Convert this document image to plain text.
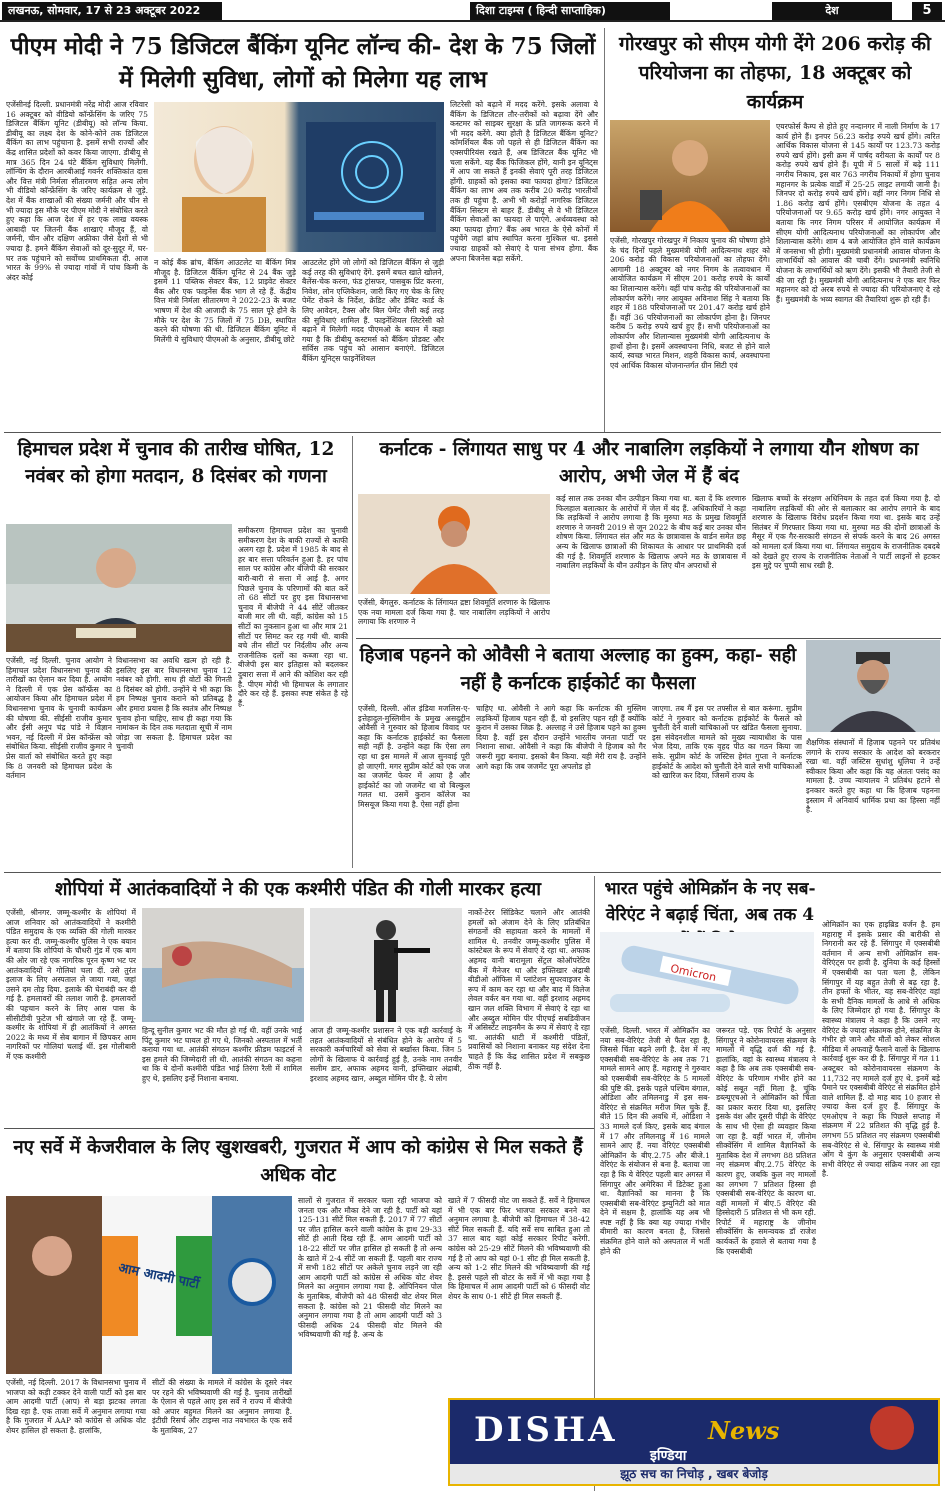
लखनऊ, सोमवार, 17 से 23 अक्टूबर 2022	दिशा टाइम्स ( हिन्दी साप्ताहिक)	देश	5
पीएम मोदी ने 75 डिजिटल बैंकिंग यूनिट लॉन्च की- देश के 75 जिलों में मिलेगी सुविधा, लोगों को मिलेगा यह लाभ
एजेंसीनई दिल्ली. प्रधानमंत्री नरेंद्र मोदी आज रविवार 16 अक्टूबर को वीडियो कॉन्फ्रेंसिंग के जरिए 75 डिजिटल बैंकिंग यूनिट (डीबीयू) को लॉन्च किया. डीबीयू का लक्ष्य देश के कोने-कोने तक डिजिटल बैंकिंग का लाभ पहुंचाना है. इसमें सभी राज्यों और केंद्र शासित प्रदेशों को कवर किया जाएगा. डीबीयू से मात्र 365 दिन 24 घंटे बैंकिंग सुविधाएं मिलेंगी. लॉन्चिंग के दौरान आरबीआई गवर्नर शक्तिकांत दास और वित्त मंत्री निर्मला सीतारमण सहित अन्य लोग भी वीडियो कॉन्फ्रेंसिंग के जरिए कार्यक्रम से जुड़े. देश में बैंक शाखाओं की संख्या जर्मनी और चीन से भी ज्यादा इस मौके पर पीएम मोदी ने संबोधित करते हुए कहा कि आज देश में हर एक लाख वयस्क आबादी पर जितनी बैंक शाखाएं मौजूद हैं, वो जर्मनी, चीन और दक्षिण अफ्रीका जैसे देशों से भी ज्यादा है. हमने बैंकिंग सेवाओं को दूर-सुदूर में, घर-घर तक पहुंचाने को सर्वोच्च प्राथमिकता दी. आज भारत के 99% से ज्यादा गांवों में पांच किमी के अंदर कोई
न कोई बैंक ब्रांच, बैंकिंग आउटलेट या बैंकिंग मित्र मौजूद है. डिजिटल बैंकिंग यूनिट से 24 बैंक जुड़े इसमें 11 पब्लिक सेक्टर बैंक, 12 प्राइवेट सेक्टर बैंक और एक फाइनेंस बैंक भाग ले रहे हैं. केंद्रीय वित्त मंत्री निर्मला सीतारमण ने 2022-23 के बजट भाषण में देश की आजादी के 75 साल पूरे होने के मौके पर देश के 75 जिलों में 75 DB, स्थापित करने की घोषणा की थी. डिजिटल बैंकिंग यूनिट में मिलेंगी ये सुविधाएं पीएमओ के अनुसार, डीबीयू छोटे
आउटलेट होंगे जो लोगों को डिजिटल बैंकिंग से जुड़ी कई तरह की सुविधाएं देंगे. इसमें बचत खाते खोलने, बैलेंस-चेक करना, फंड ट्रांसफर, पासबुक प्रिंट करना, निवेश, लोन एप्लिकेशन, जारी किए गए चेक के लिए पेमेंट रोकने के निर्देश, क्रेडिट और डेबिट कार्ड के लिए आवेदन, टैक्स और बिल पेमेंट जैसी कई तरह की सुविधाएं शामिल हैं. फाइनेंशियल लिटरेसी को बढ़ाने में मिलेगी मदद पीएमओ के बयान में कहा गया है कि डीबीयू कस्टमर्स को बैंकिंग प्रोडक्ट और सर्विस तक पहुंच को आसान बनाएंगे. डिजिटल बैंकिंग यूनिट्स फाइनेंशियल
लिटरेसी को बढ़ाने में मदद करेंगे. इसके अलावा ये बैंकिंग के डिजिटल तौर-तरीकों को बढ़ावा देंगे और कस्टमर को साइबर सुरक्षा के प्रति जागरूक करने में भी मदद करेंगे. क्या होती है डिजिटल बैंकिंग यूनिट? कॉमर्शियल बैंक जो पहले से ही डिजिटल बैंकिंग का एक्सपीरियंस रखते हैं, अब डिजिटल बैंक यूनिट भी चला सकेंगे. यह बैंक फिजिकल होंगे, यानी इन यूनिट्स में आप जा सकते हैं इनकी सेवाएं पूरी तरह डिजिटल होंगी. ग्राहकों को इसका क्या फायदा होगा? डिजिटल बैंकिंग का लाभ अब तक करीब 20 करोड़ भारतीयों तक ही पहुंचा है. अभी भी करोड़ों नागरिक डिजिटल बैंकिंग सिस्टम से बाहर हैं. डीबीयू से वे भी डिजिटल बैंकिंग सेवाओं का फायदा ले पाएंगे. अर्थव्यवस्था को क्या फायदा होगा? बैंक अब भारत के ऐसे कोनों में पहुंचेंगे जहां ब्रांच स्थापित करना मुश्किल था. इससे ज्यादा ग्राहकों को सेवाएं दे पाना संभव होगा. बैंक अपना बिजनेस बढ़ा सकेंगे.
गोरखपुर को सीएम योगी देंगे 206 करोड़ की परियोजना का तोहफा, 18 अक्टूबर को कार्यक्रम
एजेंसी, गोरखपुर गोरखपुर में निकाय चुनाव की घोषणा होने के चंद दिनों पहले मुख्यमंत्री योगी आदित्यनाथ शहर को 206 करोड़ की विकास परियोजनाओं का तोहफा देंगे। आगामी 18 अक्टूबर को नगर निगम के तत्वावधान में आयोजित कार्यक्रम में सीएम 201 करोड़ रुपये के कार्यों का शिलान्यास करेंगे। वहीं पांच करोड़ की परियोजनाओं का लोकार्पण करेंगे। नगर आयुक्त अविनाश सिंह ने बताया कि शहर में 188 परियोजनाओं पर 201.47 करोड़ खर्च होने हैं। वहीं 36 परियोजनाओं का लोकार्पण होना है। जिनपर करीब 5 करोड़ रुपये खर्च हुए हैं। सभी परियोजनाओं का लोकार्पण और शिलान्यास मुख्यमंत्री योगी आदित्यनाथ के हाथों होना है। इसमें अवस्थापना निधि, बजट से होने वाले कार्य, स्वच्छ भारत मिशन, शहरी विकास कार्य, अवस्थापना एवं आर्थिक विकास योजनान्तर्गत ग्रीन सिटी एवं
एयरफोर्स कैम्प से होते हुए नन्दानगर में नाली निर्माण के 17 कार्य होने हैं। इनपर 56.23 करोड़ रुपये खर्च होंगे। त्वरित आर्थिक विकास योजना से 145 कार्यों पर 123.73 करोड़ रुपये खर्च होंगे। इसी क्रम में पार्षद वरीयता के कार्यों पर 8 करोड़ रुपये खर्च होने हैं। यूपी में 5 सालों में बढ़े 111 नगरीय निकाय, इस बार 763 नगरीय निकायों में होगा चुनाव महानगर के प्रत्येक वार्डों में 25-25 लाइट लगायी जानी है। जिनपर दो करोड़ रुपये खर्च होंगे। वहीं नगर निगम निधि से 1.86 करोड़ खर्च होंगे। एसबीएम योजना के तहत 4 परियोजनाओं पर 9.65 करोड़ खर्च होंगे। नगर आयुक्त ने बताया कि नगर निगम परिसर में आयोजित कार्यक्रम में सीएम योगी आदित्यनाथ परियोजनाओं का लोकार्पण और शिलान्यास करेंगे। शाम 4 बजे आयोजित होने वाले कार्यक्रम में जनसभा भी होगी। मुख्यमंत्री प्रधानमंत्री आवास योजना के लाभार्थियों को आवास की चाबी देंगे। प्रधानमंत्री स्वनिधि योजना के लाभार्थियों को ऋण देंगे। इसकी भी तैयारी तेजी से की जा रही है। मुख्यमंत्री योगी आदित्यनाथ ने एक बार फिर महानगर को दो अरब रुपये से ज्यादा की परियोजनाएं दे रहे हैं। मुख्यमंत्री के भव्य स्वागत की तैयारियां शुरू हो रही हैं।
हिमाचल प्रदेश में चुनाव की तारीख घोषित, 12 नवंबर को होगा मतदान, 8 दिसंबर को गणना
समीकरण हिमाचल प्रदेश का चुनावी समीकरण देश के बाकी राज्यों से काफी अलग रहा है. प्रदेश में 1985 के बाद से हर बार सत्ता परिवर्तन हुआ है. हर पांच साल पर कांग्रेस और बीजेपी की सरकार बारी-बारी से सत्ता में आई है. अगर पिछले चुनाव के परिणामों की बात करें तो 68 सीटों पर हुए इस विधानसभा चुनाव में बीजेपी ने 44 सीटें जीतकर बाजी मार ली थी. वहीं, कांग्रेस को 15 सीटों का नुकसान हुआ था और मात्र 21 सीटों पर सिमट कर रह गयी थी. बाकी बचे तीन सीटों पर निर्दलीय और अन्य राजनीतिक दलों का कब्जा रहा था. बीजेपी इस बार इतिहास को बदलकर दुबारा सत्ता में आने की कोशिश कर रही है. पीएम मोदी भी हिमाचल के लगातार दौरे कर रहे हैं. इसका स्पष्ट संकेत है रहे हैं.
एजेंसी, नई दिल्ली. चुनाव आयोग ने हिमाचल प्रदेश विधानसभा चुनाव की तारीखों का ऐलान कर दिया है. आयोग ने दिल्ली में एक प्रेस कॉन्फ्रेंस का आयोजन किया और हिमाचल प्रदेश में विधानसभा चुनाव के चुनावी कार्यक्रम की घोषणा की. सीईसी राजीव कुमार और ईसी अनूप चंद्र पांडे ने विज्ञान भवन, नई दिल्ली में प्रेस कॉन्फ्रेंस को संबोधित किया. सीईसी राजीव कुमार ने प्रेस वार्ता को संबोधित करते हुए कहा कि 8 जनवरी को हिमाचल प्रदेश के वर्तमान
विधानसभा का अवधि खत्म हो रही है. इसलिए इस बार विधानसभा चुनाव 12 नवंबर को होगी. साथ ही वोटों की गिनती 8 दिसंबर को होगी. उन्होंने ये भी कहा कि हम निष्पक्ष चुनाव कराने को प्रतिबद्ध है और हमारा प्रयास है कि स्वतंत्र और निष्पक्ष चुनाव होना चाहिए, साथ ही कहा गया कि नामांकन के दिन तक मतदाता सूची में नाम जोड़ा जा सकता है. हिमाचल प्रदेश का चुनावी
कर्नाटक - लिंगायत साधु पर 4 और नाबालिग लड़कियों ने लगाया यौन शोषण का आरोप, अभी जेल में हैं बंद
एजेंसी, बेंगलुरु. कर्नाटक के लिंगायत द्रष्टा शिवमूर्ति शरणारु के खिलाफ एक नया मामला दर्ज किया गया है. चार नाबालिग लड़कियों ने आरोप लगाया कि शरणारु ने
कई साल तक उनका यौन उत्पीड़न किया गया था. बता दें कि शरणारु फिलहाल बलात्कार के आरोपों में जेल में बंद हैं. अधिकारियों ने कहा कि लड़कियों ने आरोप लगाया है कि मुरुघा मठ के प्रमुख शिवमूर्ति शरणारु ने जनवरी 2019 से जून 2022 के बीच कई बार उनका यौन शोषण किया. लिंगायत संत और मठ के छात्रावास के वार्डन समेत छह अन्य के खिलाफ छात्राओं की शिकायत के आधार पर प्राथमिकी दर्ज की गई है. शिवमूर्ति शरणारु के खिलाफ अपने मठ के छात्रावास में नाबालिग लड़कियों के यौन उत्पीड़न के लिए यौन अपराधों से
खिलाफ बच्चों के संरक्षण अधिनियम के तहत दर्ज किया गया है. दो नाबालिग लड़कियों की ओर से बलात्कार का आरोप लगाने के बाद शरणारु के खिलाफ विरोध प्रदर्शन किया गया था. इसके बाद उन्हें सितंबर में गिरफ्तार किया गया था. मुरुघा मठ की दोनों छात्राओं के मैसूर में एक गैर-सरकारी संगठन से संपर्क करने के बाद 26 अगस्त को मामला दर्ज किया गया था. लिंगायत समुदाय के राजनीतिक दबदबे को देखते हुए राज्य के राजनीतिक नेताओं ने पार्टी लाइनों से हटकर इस मुद्दे पर चुप्पी साध रखी है.
हिजाब पहनने को ओवैसी ने बताया अल्लाह का हुक्म, कहा- सही नहीं है कर्नाटक हाईकोर्ट का फैसला
एजेंसी, दिल्ली. ऑल इंडिया मजलिस-ए-इत्तेहादुल-मुस्लिमीन के प्रमुख असदुद्दीन ओवैसी ने गुरुवार को हिजाब विवाद पर कहा कि कर्नाटक हाईकोर्ट का फैसला सही नहीं है. उन्होंने कहा कि ऐसा लग रहा था इस मामले में आज सुनवाई पूरी हो जाएगी. मगर सुप्रीम कोर्ट को एक जज का जजमेंट फेवर में आया है और हाईकोर्ट का जो जजमेंट था वो बिल्कुल गलत था. उसमें कुरान कॉलेज का मिसयूज किया गया है. ऐसा नहीं होना
चाहिए था. ओवैसी ने आगे कहा कि कर्नाटक की मुस्लिम लड़कियों हिजाब पहन रही हैं, वो इसलिए पहन रही हैं क्योंकि कुरान में उसका जिक्र है. अल्लाह ने उसे हिजाब पहने का हुक्म दिया है. वहीं इस दौरान उन्होंने भारतीय जनता पार्टी पर निशाना साधा. ओवैसी ने कहा कि बीजेपी ने हिजाब को गैर जरूरी मुद्दा बनाया. इसको बैन किया. यही मेरी राय है. उन्होंने आगे कहा कि जब जजमेंट पूरा अपलोड हो
जाएगा. तब मैं इस पर तफ्सील से बात करूंगा. सुप्रीम कोर्ट ने गुरुवार को कर्नाटक हाईकोर्ट के फैसले को चुनौती देने वाली याचिकाओं पर खंडित फैसला सुनाया. इस संवेदनशील मामले को मुख्य न्यायाधीश के पास भेज दिया, ताकि एक वृहद पीठ का गठन किया जा सके. सुप्रीम कोर्ट के जस्टिस हेमंत गुप्ता ने कर्नाटक हाईकोर्ट के आदेश को चुनौती देने वाले सभी याचिकाओं को खारिज कर दिया, जिसमें राज्य के
शैक्षणिक संस्थानों में हिजाब पहनने पर प्रतिबंध लगाने के राज्य सरकार के आदेश को बरकरार रखा था. वहीं जस्टिस सुधांशु धूलिया ने उन्हें स्वीकार किया और कहा कि यह अंततः पसंद का मामला है. उच्च न्यायालय ने प्रतिबंध हटाने से इनकार करते हुए कहा था कि हिजाब पहनना इस्लाम में अनिवार्य धार्मिक प्रथा का हिस्सा नहीं है.
शोपियां में आतंकवादियों ने की एक कश्मीरी पंडित की गोली मारकर हत्या
एजेंसी, श्रीनगर. जम्मू-कश्मीर के शोपियां में आज शनिवार को आतंकवादियों ने कश्मीरी पंडित समुदाय के एक व्यक्ति की गोली मारकर हत्या कर दी. जम्मू-कश्मीर पुलिस ने एक बयान में बताया कि शोपियां के चौधरी गुंड में एक बाग की ओर जा रहे एक नागरिक पूरन कृष्ण भट पर आतंकवादियों ने गोलियां चला दीं. उसे तुरंत इलाज के लिए अस्पताल ले जाया गया, जहां उसने दम तोड़ दिया. इलाके की घेराबंदी कर दी गई है. हमलावरों की तलाश जारी है. हमलावरों की पहचान करने के लिए आस पास के सीसीटीवी फुटेज भी खंगाले जा रहे हैं. जम्मू-कश्मीर के शोपियां में ही आतंकियों ने अगस्त 2022 के मध्य में सेब बागान में छिपकर आम नागरिकों पर गोलियां चलाई थीं. इस गोलीबारी में एक कश्मीरी
हिन्दू सुनील कुमार भट की मौत हो गई थी. वहीं उनके भाई पिंटू कुमार भट घायल हो गए थे, जिनको अस्पताल में भर्ती कराया गया था. आतंकी संगठन कश्मीर फ्रीडम फाइटर्स ने इस हमले की जिम्मेदारी ली थी. आतंकी संगठन का कहना था कि ये दोनों कश्मीरी पंडित भाई तिरंगा रैली में शामिल हुए थे, इसलिए इन्हें निशाना बनाया.
आज ही जम्मू-कश्मीर प्रशासन ने एक बड़ी कार्रवाई के तहत आतंकवादियों से संबंधित होने के आरोप में 5 सरकारी कर्मचारियों को सेवा से बर्खास्त किया. जिन 5 लोगों के खिलाफ ये कार्रवाई हुई है, उनके नाम तनवीर सलीम डार, अफाक अहमद वानी, इफ्तिखार अंद्राबी, इरशाद अहमद खान, अब्दुल मोमिन पीर है. ये लोग
नार्को-टेरर सिंडिकेट चलाने और आतंकी हमलों को अंजाम देने के लिए प्रतिबंधित संगठनों की सहायता करने के मामलों में शामिल थे. तनवीर जम्मू-कश्मीर पुलिस में कांस्टेबल के रूप में सेवाएं दे रहा था. अफाक अहमद वानी बारामूला सेंट्रल कोऑपरेटिव बैंक में मैनेजर था और इफ्तिखार अंद्राबी बीडीओ ऑफिस में प्लांटेशन सुपरवाइजर के रूप में काम कर रहा था और बाद में विलेज लेवल वर्कर बन गया था. वहीं इरशाद अहमद खान जल शक्ति विभाग में सेवाएं दे रहा था और अब्दुल मोमिन पीर पीएचई सबडिवीजन में असिस्टेंट लाइनमैन के रूप में सेवाएं दे रहा था. आतंकी धाटी में कश्मीरी पंडितों, प्रवासियों को निशाना बनाकर यह संदेश देना चाहते हैं कि केंद्र शासित प्रदेश में सबकुछ ठीक नहीं है.
भारत पहुंचे ओमिक्रॉन के नए सब-वेरिएंट ने बढ़ाई चिंता, अब तक 4
Omicron
एजेंसी, दिल्ली. भारत में ओमिक्रॉन का नया सब-वेरिएंट तेजी से फैल रहा है, जिससे चिंता बढ़ने लगी है. देश में नए एक्सबीबी सब-वेरिएंट के अब तक 71 मामले सामने आए हैं. महाराष्ट्र ने गुरुवार को एक्सबीबी सब-वेरिएंट के 5 मामलों की पुष्टि की. इसके पहले पश्चिम बंगाल, ओडिशा और तमिलनाडु में इस सब-वेरिएंट से संक्रमित मरीज मिल चुके हैं. बीते 15 दिन की अवधि में, ओडिशा ने 33 मामले दर्ज किए, इसके बाद बंगाल में 17 और तमिलनाडु में 16 मामले सामने आए हैं. नया वेरिएंट एक्सबीबी ओमिक्रॉन के बीए.2.75 और बीजे.1 वेरिएंट के संयोजन से बना है. बताया जा रहा है कि ये वेरिएंट पहली बार अगस्त में सिंगापुर और अमेरिका में डिटेक्ट हुआ था. वैज्ञानिकों का मानना है कि एक्सबीबी सब-वेरिएंट इम्युनिटी को मात देने में सक्षम है, हालांकि यह अब भी स्पष्ट नहीं है कि क्या यह ज्यादा गंभीर बीमारी का कारण बनता है, जिससे संक्रमित होने वाले को अस्पताल में भर्ती होने की
जरूरत पड़े. एक रिपोर्ट के अनुसार सिंगापुर ने कोरोनावायरस संक्रमण के मामलों में वृद्धि दर्ज की गई है. हालांकि, वहां के स्वास्थ्य मंत्रालय ने कहा है कि अब तक एक्सबीबी सब-वेरिएंट के परिणाम गंभीर होने का कोई सबूत नहीं मिला है. चूंकि डब्ल्यूएचओ ने ओमिक्रॉन को चिंता का प्रकार करार दिया था, इसलिए इसके वंश और दूसरी पीढ़ी के वेरिएंट के साथ भी ऐसा ही व्यवहार किया जा रहा है. वहीं भारत में, जीनोम सीक्वेंसिंग में शामिल वैज्ञानिकों के मुताबिक देश में लगभग 88 प्रतिशत नए संक्रमण बीए.2.75 वेरिएंट के कारण हुए, जबकि कुल नए मामलों का लगभग 7 प्रतिशत हिस्सा ही एक्सबीबी सब-वेरिएंट के कारण था. वहीं मामलों में बीए.5 वेरिएंट की हिस्सेदारी 5 प्रतिशत से भी कम रही. रिपोर्ट में महाराष्ट्र के जीनोम सीक्वेंसिंग के समन्वयक डॉ राजेश कार्यकर्ते के हवाले से बताया गया है कि एक्सबीबी
ओमिक्रॉन का एक हाइब्रिड वर्जन है. हम महाराष्ट्र में इसके प्रसार की बारीकी से निगरानी कर रहे हैं. सिंगापुर में एक्सबीबी वर्तमान में अन्य सभी ओमिक्रॉन सब-वेरिएंट्स पर हावी है. दुनिया के कई हिस्सों में एक्सबीबी का पता चला है, लेकिन सिंगापुर में यह बहुत तेजी से बढ़ रहा है. तीन हफ्तों के भीतर, यह सब-वेरिएंट वहां के सभी दैनिक मामलों के आधे से अधिक के लिए जिम्मेदार हो गया है. सिंगापुर के स्वास्थ्य मंत्रालय ने कहा है कि उसने नए वेरिएंट के ज्यादा संक्रामक होने, संक्रमित के गंभीर हो जाने और मौतों को लेकर सोशल मीडिया में अफवाहें फैलाने वालों के खिलाफ कार्रवाई शुरू कर दी है. सिंगापुर में गत 11 अक्टूबर को कोरोनावायरस संक्रमण के 11,732 नए मामले दर्ज हुए थे. इनमें बड़े पैमाने पर एक्सबीबी वेरिएंट से संक्रमित होने वाले शामिल हैं. दो माह बाद 10 हजार से ज्यादा केस दर्ज हुए हैं. सिंगापुर के एमओएच ने कहा कि पिछले सप्ताह में संक्रमण में 22 प्रतिशत की वृद्धि हुई है. लगभग 55 प्रतिशत नए संक्रमण एक्सबीबी सब-वेरिएंट से थे. सिंगापुर के स्वास्थ्य मंत्री ओंग ये कुंग के अनुसार एक्सबीबी अन्य सभी वेरिएंट से ज्यादा संक्रिय नजर आ रहा है.
नए सर्वे में केजरीवाल के लिए खुशखबरी, गुजरात में आप को कांग्रेस से मिल सकते हैं अधिक वोट
आम आदमी पार्टी
एजेंसी, नई दिल्ली. 2017 के विधानसभा चुनाव में भाजपा को कड़ी टक्कर देने वाली पार्टी को इस बार आम आदमी पार्टी (आप) से बड़ा झटका लगता दिख रहा है. एक ताजा सर्वे में अनुमान लगाया गया है कि गुजरात में AAP को कांग्रेस से अधिक वोट शेयर हासिल हो सकता है. हालांकि,
सीटों की संख्या के मामले में कांग्रेस के दूसरे नंबर पर रहने की भविष्यवाणी की गई है. चुनाव तारीखों के ऐलान से पहले आए इस सर्वे ने राज्य में बीजेपी को अपार बहुमत मिलने का अनुमान लगाया है. इंटीग्री रिसर्च और टाइम्स नाउ नवभारत के एक सर्वे के मुताबिक, 27
सालों से गुजरात में सरकार चला रही भाजपा को जनता एक और मौका देने जा रही है. पार्टी को यहां 125-131 सीटें मिल सकती हैं. 2017 में 77 सीटों पर जीत हासिल करने वाली कांग्रेस के हाथ 29-33 सीटें ही आती दिख रही हैं. आम आदमी पार्टी को 18-22 सीटों पर जीत हासिल हो सकती है तो अन्य के खाते में 2-4 सीटें जा सकती हैं. पहली बार राज्य में सभी 182 सीटों पर अकेले चुनाव लड़ने जा रही आम आदमी पार्टी को कांग्रेस से अधिक वोट शेयर मिलने का अनुमान लगाया गया है. ओपिनियन पोल के मुताबिक, बीजेपी को 48 फीसदी वोट शेयर मिल सकता है. कांग्रेस को 21 फीसदी वोट मिलने का अनुमान लगाया गया है तो आम आदमी पार्टी को 3 फीसदी अधिक 24 फीसदी वोट मिलने की भविष्यवाणी की गई है. अन्य के
खाते में 7 फीसदी वोट जा सकते हैं. सर्वे ने हिमाचल में भी एक बार फिर भाजपा सरकार बनने का अनुमान लगाया है. बीजेपी को हिमाचल में 38-42 सीटें मिल सकती हैं. यदि सर्वे सच साबित हुआ तो 37 साल बाद यहां कोई सरकार रिपीट करेगी. कांग्रेस को 25-29 सीटें मिलने की भविष्यवाणी की गई है तो आप को यहां 0-1 सीट ही मिल सकती है. अन्य को 1-2 सीट मिलने की भविष्यवाणी की गई है. इससे पहले सी वोटर के सर्वे में भी कहा गया है कि हिमाचल में आम आदमी पार्टी को 6 फीसदी वोट शेयर के साथ 0-1 सीटें ही मिल सकती हैं.
DISHA	News
इण्डिया
झूठ सच का निचोड़ , खबर बेजोड़
